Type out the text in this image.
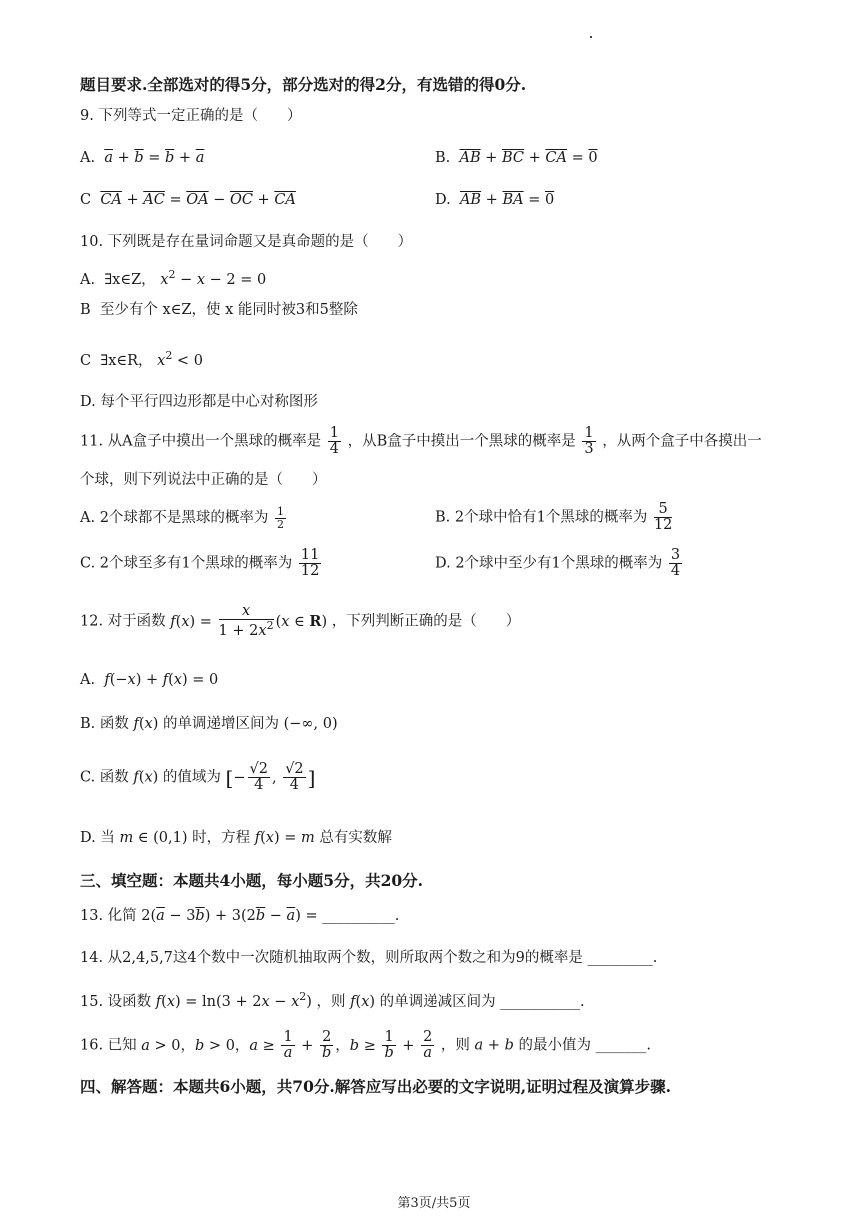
题目要求.全部选对的得5分，部分选对的得2分，有选错的得0分.
9. 下列等式一定正确的是（　　）
A. $\overline{a} + \overline{b} = \overline{b} + \overline{a}$	B. $\overline{AB} + \overline{BC} + \overline{CA} = 0$
C $\overline{CA} + \overline{AC} = \overline{OA} - \overline{OC} + \overline{CA}$	D. $\overline{AB} + \overline{BA} = 0$
10. 下列既是存在量词命题又是真命题的是（　　）
A. ∃x∈Z， $x^2 - x - 2 = 0$
B 至少有个 x∈Z，使 x 能同时被3和5整除
C ∃x∈R， $x^2 < 0$
D. 每个平行四边形都是中心对称图形
11. 从A盒子中摸出一个黑球的概率是 $\frac{1}{4}$ ，从B盒子中摸出一个黑球的概率是 $\frac{1}{3}$ ，从两个盒子中各摸出一
个球，则下列说法中正确的是（　　）
A. 2个球都不是黑球的概率为 $\frac{1}{2}$	B. 2个球中恰有1个黑球的概率为 $\frac{5}{12}$
C. 2个球至多有1个黑球的概率为 $\frac{11}{12}$	D. 2个球中至少有1个黑球的概率为 $\frac{3}{4}$
12. 对于函数 $f(x) = \frac{x}{1 + 2x^2} (x$ ∈ R) ，下列判断正确的是（　　）
A. f(−x) + f(x) = 0
B. 函数 f(x) 的单调递增区间为 (−∞, 0)
C. 函数 f(x) 的值域为 [− $\frac{√2}{4}$ , $\frac{√2}{4}$ ]
D. 当 m ∈ (0,1) 时，方程 f(x) = m 总有实数解
三、填空题：本题共4小题，每小题5分，共20分.
13. 化简 $2(\overline{a} - 3\overline{b}) + 3(2\overline{b} - \overline{a})$ = __________.
14. 从2,4,5,7这4个数中一次随机抽取两个数，则所取两个数之和为9的概率是 _________.
15. 设函数 $f(x) = \ln(3 + 2x - x^2)$ ，则 f(x) 的单调递减区间为 ___________.
16. 已知 a > 0，b > 0，$a \ge \frac{1}{a} + \frac{2}{b}$ ，$b \ge \frac{1}{b} + \frac{2}{a}$ ，则 a + b 的最小值为 _______.
四、解答题：本题共6小题，共70分.解答应写出必要的文字说明,证明过程及演算步骤.
第3页/共5页
